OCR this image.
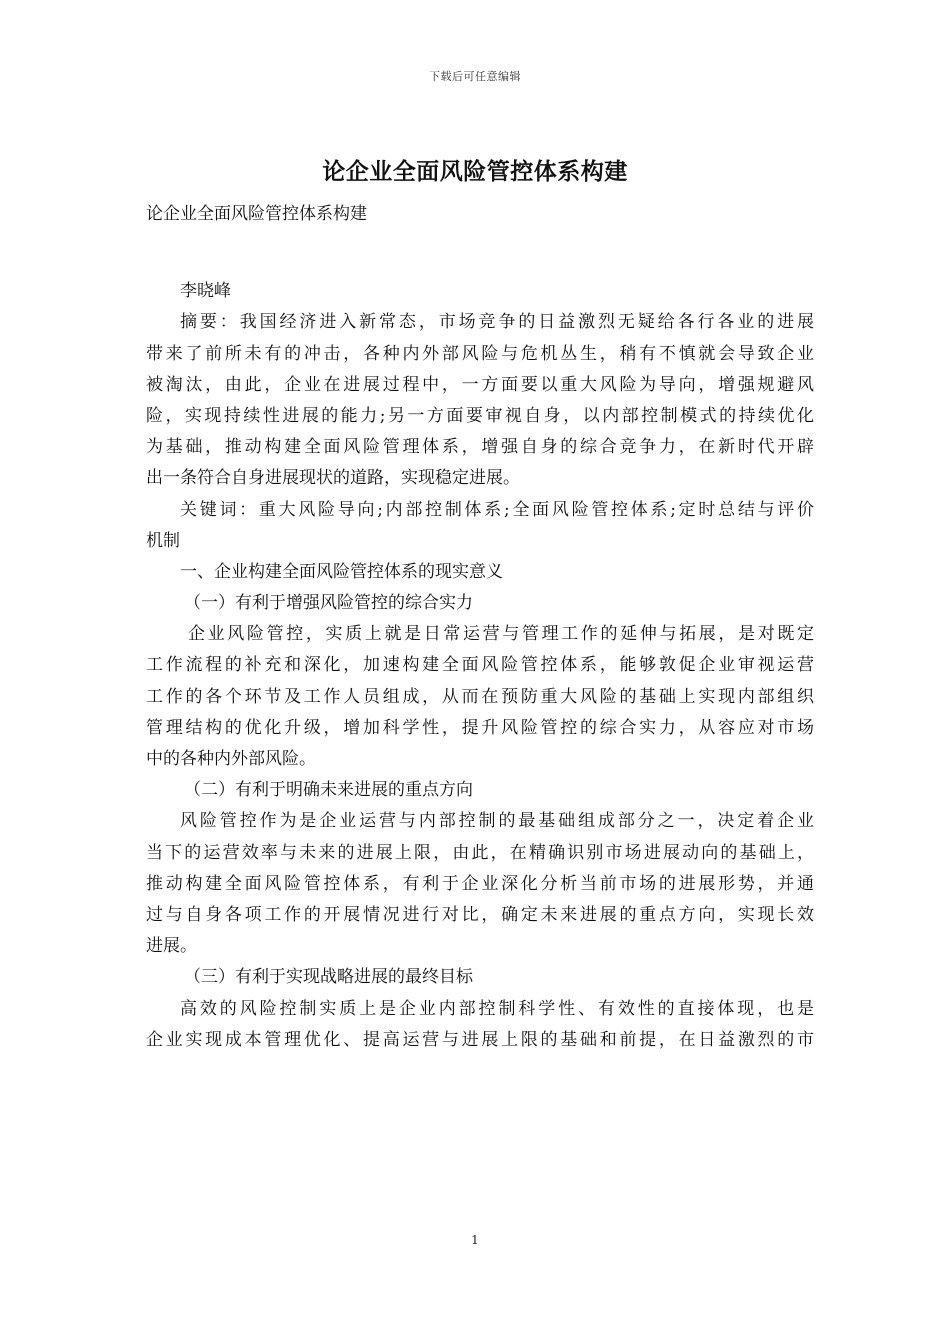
下载后可任意编辑
论企业全面风险管控体系构建
论企业全面风险管控体系构建
李晓峰
摘要：我国经济进入新常态，市场竞争的日益激烈无疑给各行各业的进展
带来了前所未有的冲击，各种内外部风险与危机丛生，稍有不慎就会导致企业
被淘汰，由此，企业在进展过程中，一方面要以重大风险为导向，增强规避风
险，实现持续性进展的能力;另一方面要审视自身，以内部控制模式的持续优化
为基础，推动构建全面风险管理体系，增强自身的综合竞争力，在新时代开辟
出一条符合自身进展现状的道路，实现稳定进展。
关键词：重大风险导向;内部控制体系;全面风险管控体系;定时总结与评价
机制
一、企业构建全面风险管控体系的现实意义
（一）有利于增强风险管控的综合实力
企业风险管控，实质上就是日常运营与管理工作的延伸与拓展，是对既定
工作流程的补充和深化，加速构建全面风险管控体系，能够敦促企业审视运营
工作的各个环节及工作人员组成，从而在预防重大风险的基础上实现内部组织
管理结构的优化升级，增加科学性，提升风险管控的综合实力，从容应对市场
中的各种内外部风险。
（二）有利于明确未来进展的重点方向
风险管控作为是企业运营与内部控制的最基础组成部分之一，决定着企业
当下的运营效率与未来的进展上限，由此，在精确识别市场进展动向的基础上，
推动构建全面风险管控体系，有利于企业深化分析当前市场的进展形势，并通
过与自身各项工作的开展情况进行对比，确定未来进展的重点方向，实现长效
进展。
（三）有利于实现战略进展的最终目标
高效的风险控制实质上是企业内部控制科学性、有效性的直接体现，也是
企业实现成本管理优化、提高运营与进展上限的基础和前提，在日益激烈的市
1
